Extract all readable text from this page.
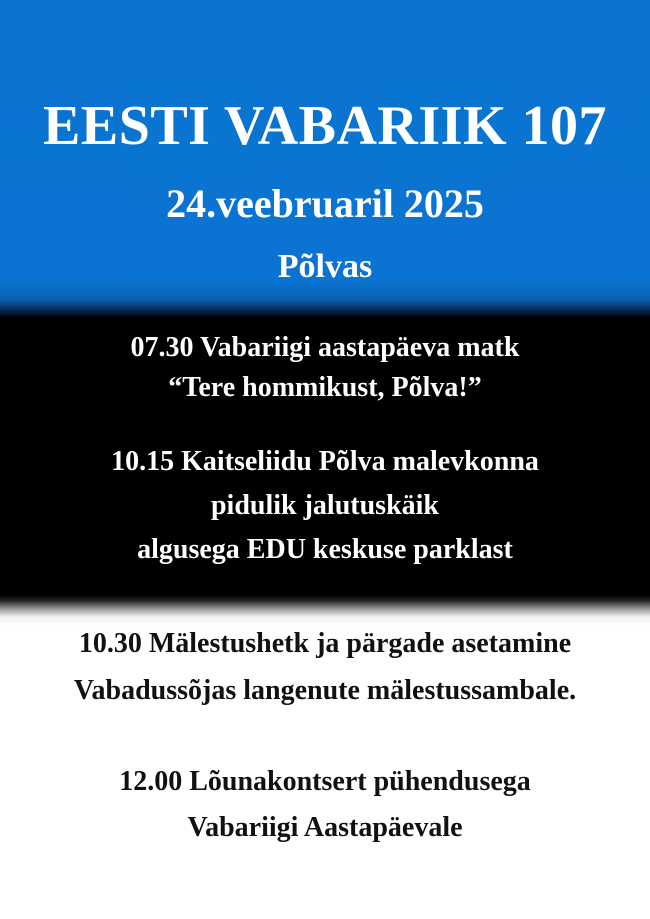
EESTI VABARIIK 107
24.veebruaril 2025
Põlvas
07.30 Vabariigi aastapäeva matk
“Tere hommikust, Põlva!”
10.15 Kaitseliidu Põlva malevkonna
pidulik jalutuskäik
algusega EDU keskuse parklast
10.30 Mälestushetk ja pärgade asetamine
Vabadussõjas langenute mälestussambale.
12.00 Lõunakontsert pühendusega
Vabariigi Aastapäevale
